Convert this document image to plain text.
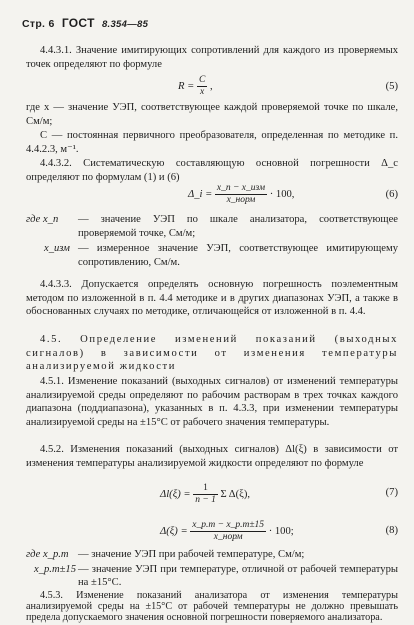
Стр. 6 ГОСТ 8.354—85

4.4.3.1. Значение имитирующих сопротивлений для каждого из проверяемых точек определяют по формуле

$R = \frac{C}{x}$ ,	(5)

где x — значение УЭП, соответствующее каждой проверяемой точке по шкале, См/м;

C — постоянная первичного преобразователя, определенная по методике п. 4.4.2.3, м⁻¹.

4.4.3.2. Систематическую составляющую основной погрешности Δ_c определяют по формулам (1) и (6)

Δ_i = $\frac{\text{x\_п − x\_изм}}{\text{x\_норм}} \cdot 100$,	(6)
где x_п	— значение УЭП по шкале анализатора, соответствующее проверяемой точке, См/м;
x_изм — измеренное значение УЭП, соответствующее имитирующему сопротивлению, См/м.

4.4.3.3. Допускается определять основную погрешность поэлементным методом по изложенной в п. 4.4 методике и в других диапазонах УЭП, а также в обоснованных случаях по методике, отличающейся от изложенной в п. 4.4.

4.5. Определение изменений показаний (выходных сигналов) в зависимости от изменения температуры анализируемой жидкости

4.5.1. Изменение показаний (выходных сигналов) от изменений температуры анализируемой среды определяют по рабочим растворам в трех точках каждого диапазона (поддиапазона), указанных в п. 4.3.3, при изменении температуры анализируемой среды на ±15°C от рабочего значения температуры.

4.5.2. Изменения показаний (выходных сигналов) Δl(ξ) в зависимости от изменения температуры анализируемой жидкости определяют по формуле

$\Delta l(\xi) = \frac{1}{n - 1}$ Σ Δ(ξ),	(7)
$\Delta(\xi) = \frac{x\_р.т - x\_р.т\pm 15}{\text{x\_норм}} \cdot 100$;	(8)
где x_р.т — значение УЭП при рабочей температуре, См/м;
x_р.т±15 — значение УЭП при температуре, отличной от рабочей температуры на ±15°C.

4.5.3. Изменение показаний анализатора от изменения температуры анализируемой среды на ±15°C от рабочей температуры не должно превышать предела допускаемого значения основной погрешности поверяемого анализатора.
